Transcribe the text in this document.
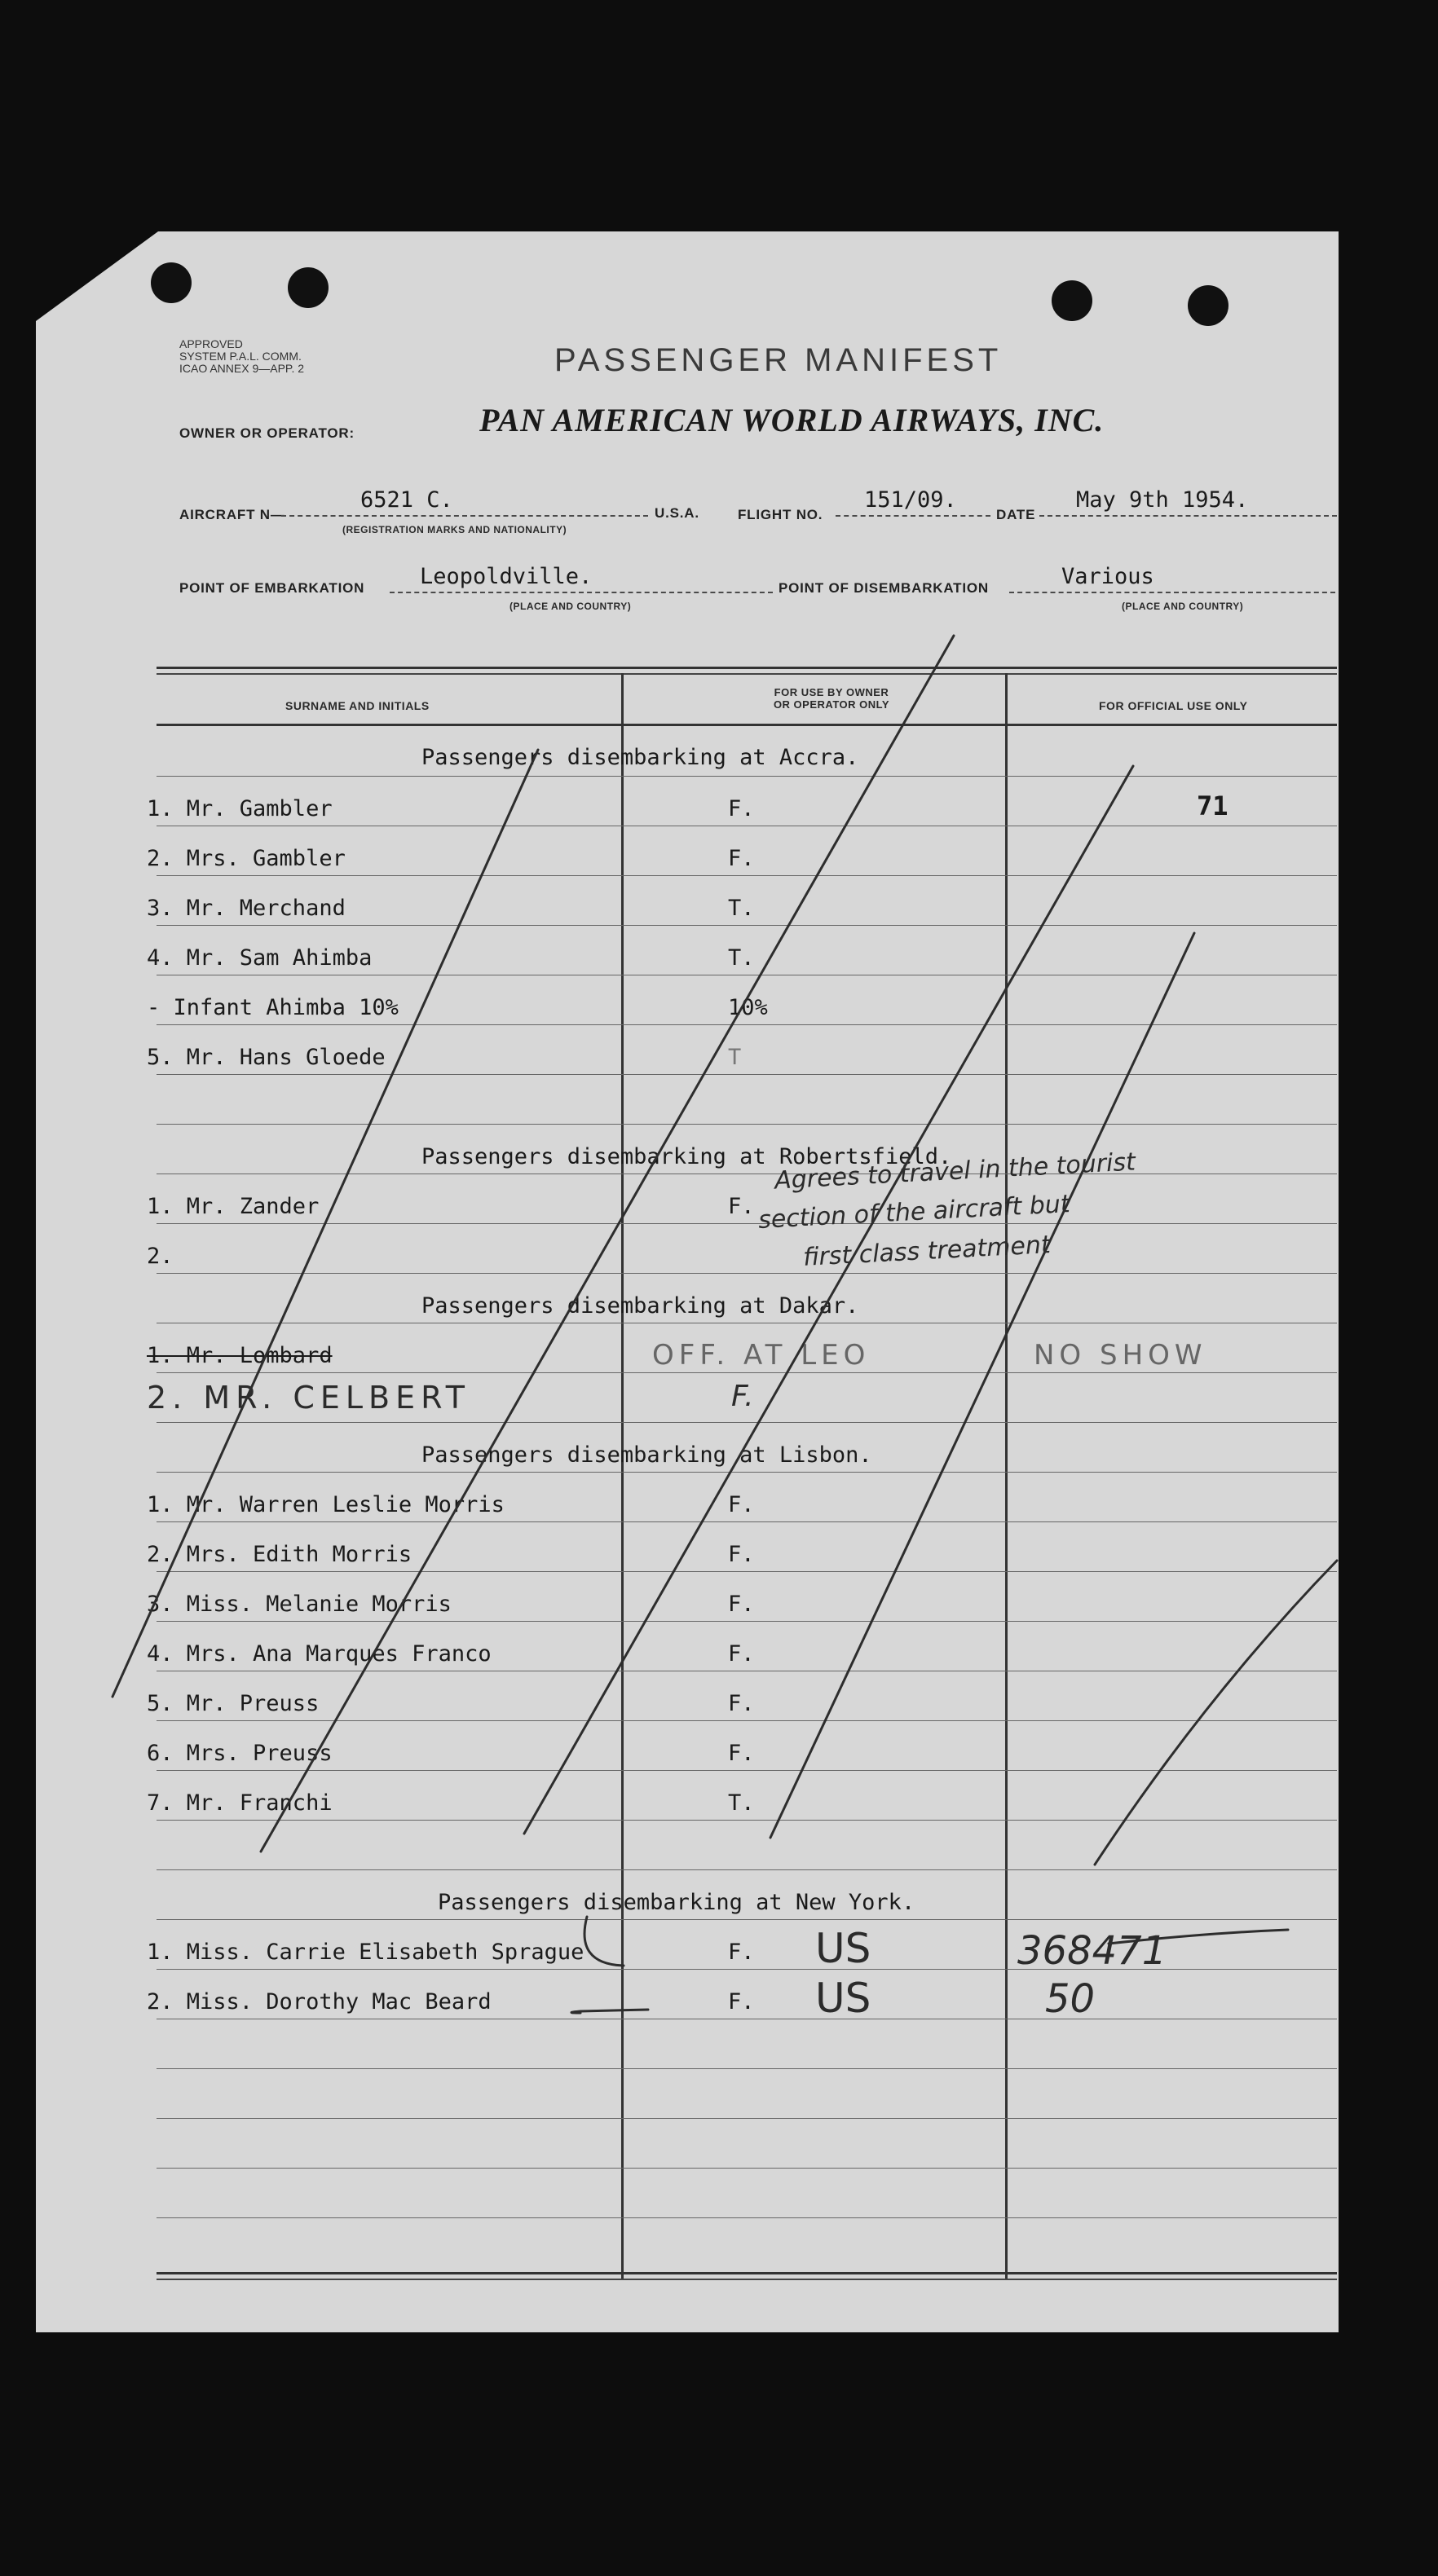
APPROVED
SYSTEM P.A.L. COMM.
ICAO ANNEX 9—APP. 2	PASSENGER MANIFEST
OWNER OR OPERATOR:	PAN AMERICAN WORLD AIRWAYS, INC.
AIRCRAFT N—
6521 C.
(REGISTRATION MARKS AND NATIONALITY)
U.S.A.	FLIGHT NO.
151/09.
DATE
May 9th 1954.
POINT OF EMBARKATION	Leopoldville.
(PLACE AND COUNTRY)
POINT OF DISEMBARKATION	Various
(PLACE AND COUNTRY)
SURNAME AND INITIALS
FOR USE BY OWNER
OR OPERATOR ONLY	FOR OFFICIAL USE ONLY
Passengers disembarking at Accra.
1. Mr. Gambler	F.	71
2. Mrs. Gambler	F.
3. Mr. Merchand	T.
4. Mr. Sam Ahimba	T.
- Infant Ahimba 10%	10%
5. Mr. Hans Gloede	T
Passengers disembarking at Robertsfield.
1. Mr. Zander	F.
2.
Agrees to travel in the tourist
section of the aircraft but
first class treatment
Passengers disembarking at Dakar.
1. Mr. Lombard	OFF. AT LEO	NO SHOW
2. MR. CELBERT	F.
Passengers disembarking at Lisbon.
1. Mr. Warren Leslie Morris	F.
2. Mrs. Edith Morris	F.
3. Miss. Melanie Morris	F.
4. Mrs. Ana Marques Franco	F.
5. Mr. Preuss	F.
6. Mrs. Preuss	F.
7. Mr. Franchi	T.
Passengers disembarking at New York.
1. Miss. Carrie Elisabeth Sprague	F. US	368471
2. Miss. Dorothy Mac Beard	F. US	50
